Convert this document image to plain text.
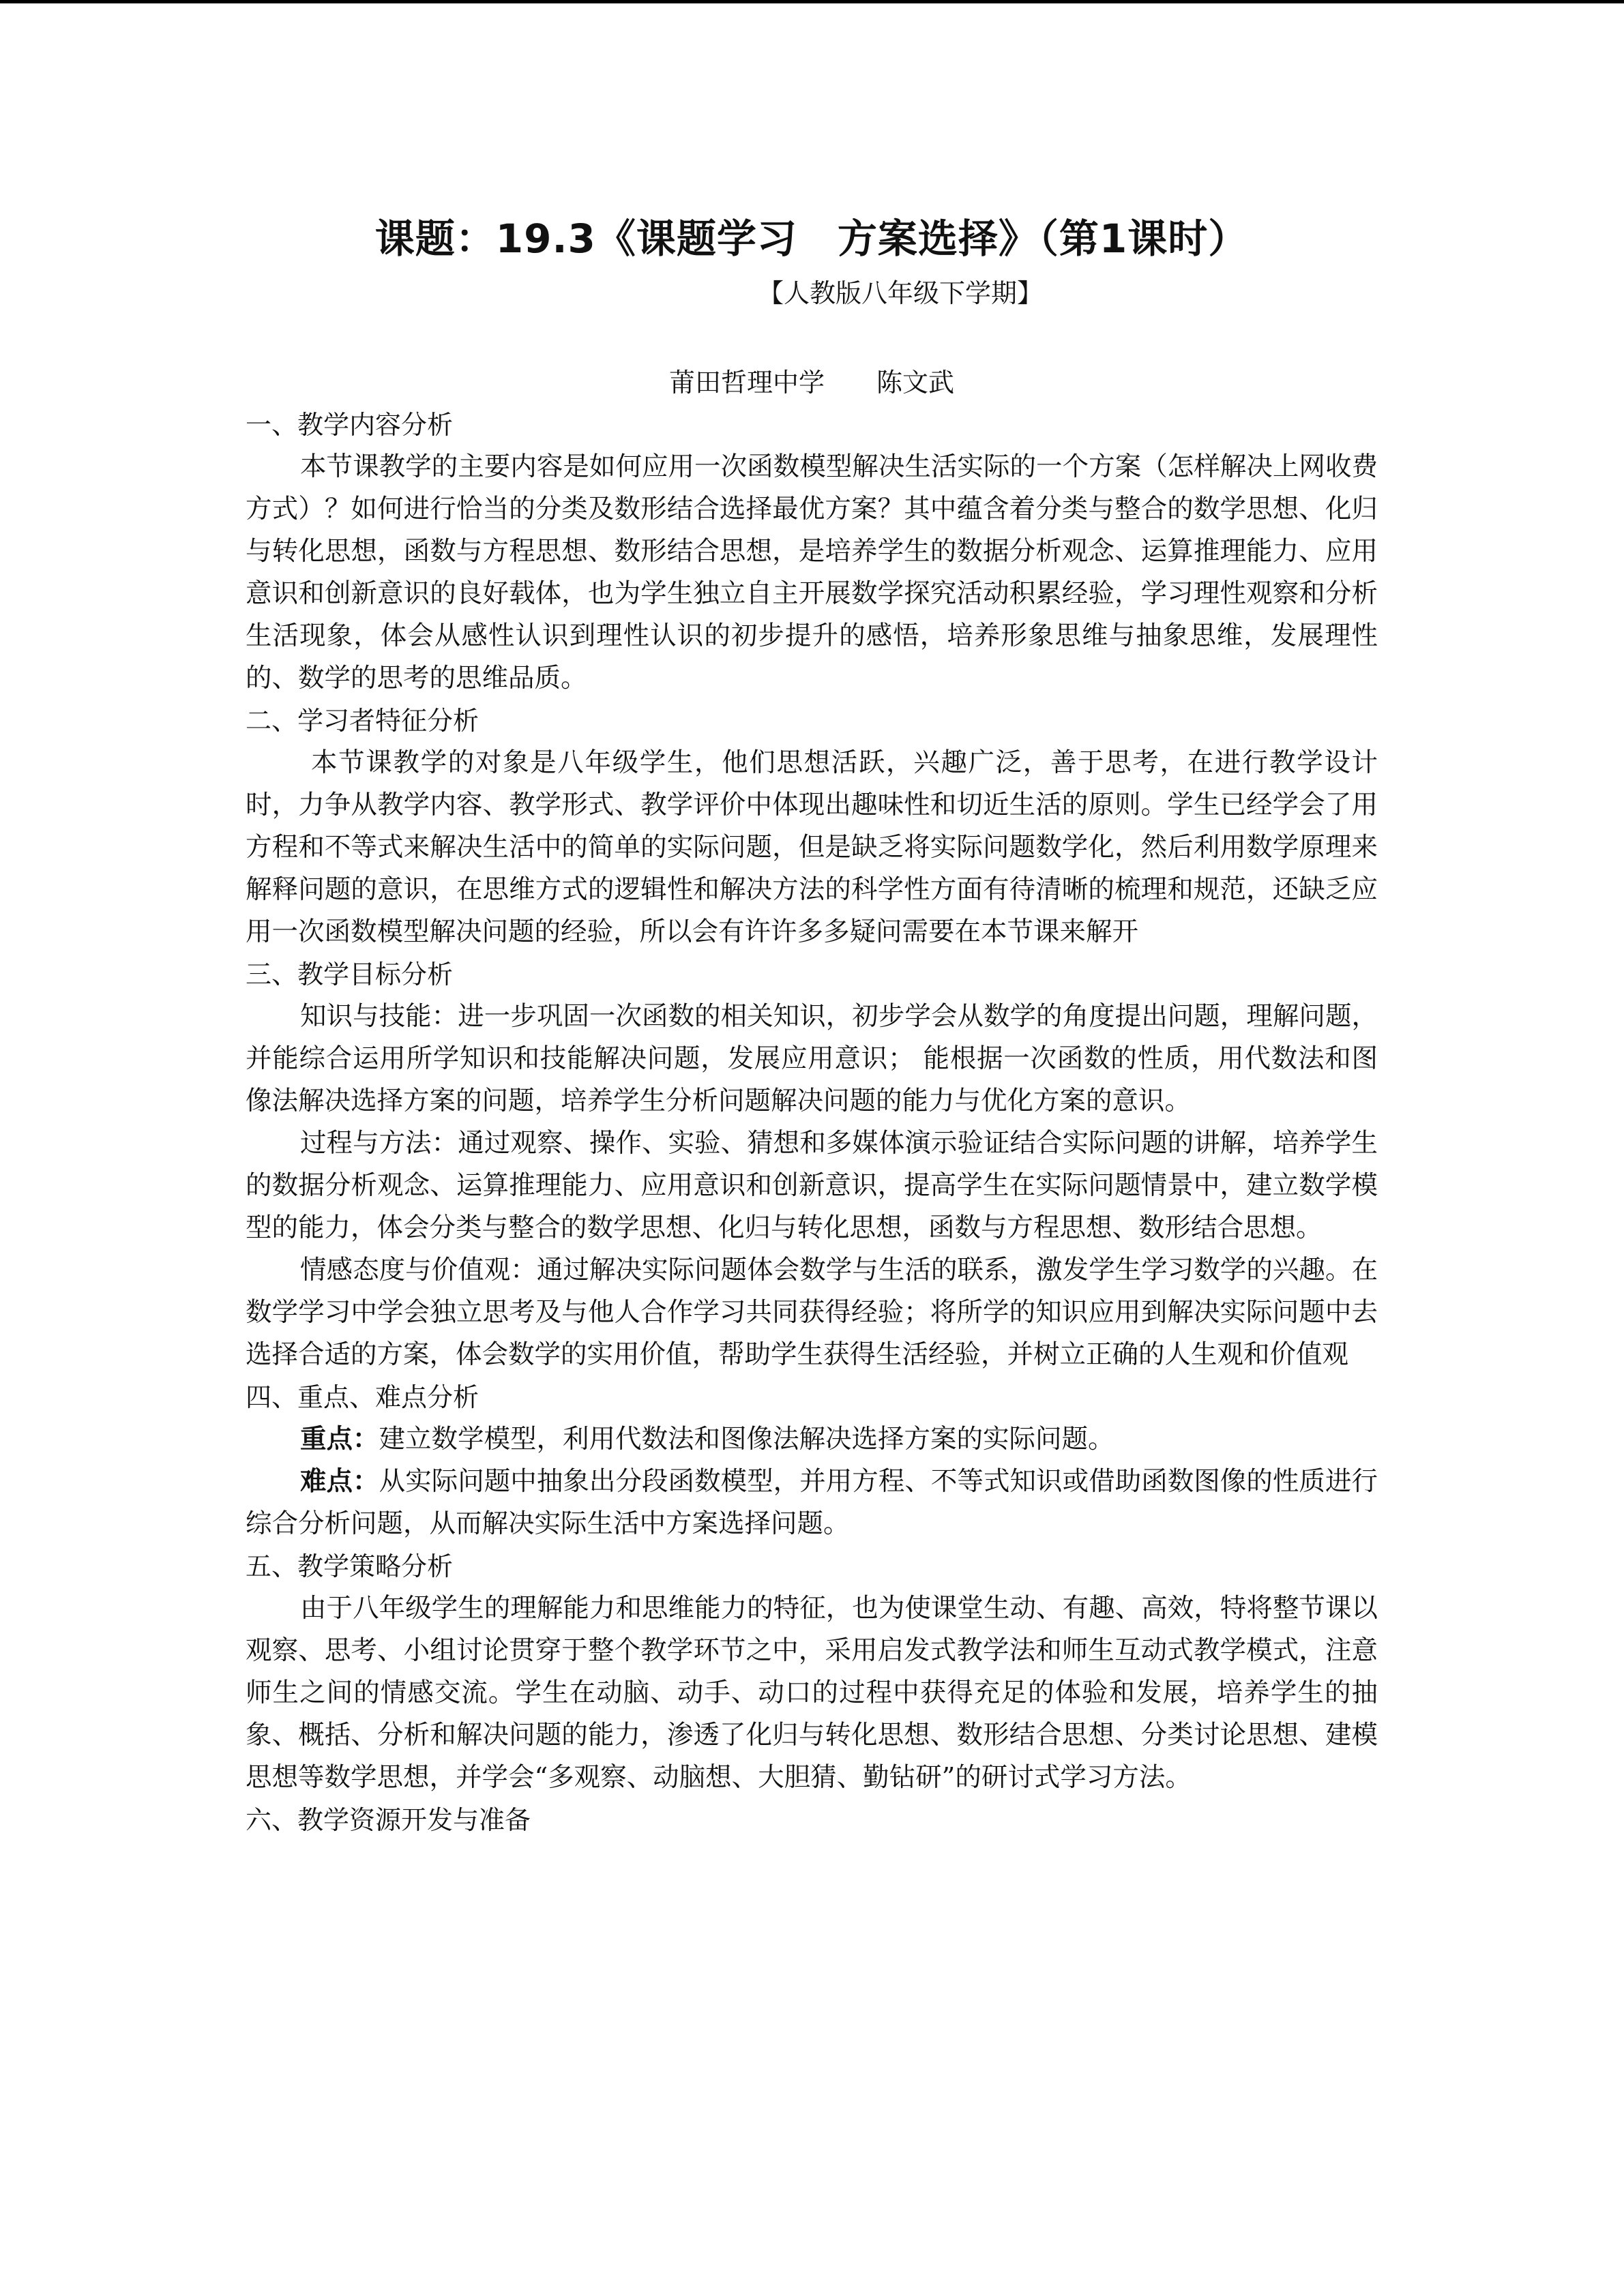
课题：19.3《课题学习　方案选择》（第1课时）
【人教版八年级下学期】
莆田哲理中学　　陈文武
一、教学内容分析

本节课教学的主要内容是如何应用一次函数模型解决生活实际的一个方案（怎样解决上网收费方式）？如何进行恰当的分类及数形结合选择最优方案？其中蕴含着分类与整合的数学思想、化归与转化思想，函数与方程思想、数形结合思想，是培养学生的数据分析观念、运算推理能力、应用意识和创新意识的良好载体，也为学生独立自主开展数学探究活动积累经验，学习理性观察和分析生活现象，体会从感性认识到理性认识的初步提升的感悟，培养形象思维与抽象思维，发展理性的、数学的思考的思维品质。

二、学习者特征分析

本节课教学的对象是八年级学生，他们思想活跃，兴趣广泛，善于思考，在进行教学设计时，力争从教学内容、教学形式、教学评价中体现出趣味性和切近生活的原则。学生已经学会了用方程和不等式来解决生活中的简单的实际问题，但是缺乏将实际问题数学化，然后利用数学原理来解释问题的意识，在思维方式的逻辑性和解决方法的科学性方面有待清晰的梳理和规范，还缺乏应用一次函数模型解决问题的经验，所以会有许许多多疑问需要在本节课来解开

三、教学目标分析

知识与技能：进一步巩固一次函数的相关知识，初步学会从数学的角度提出问题，理解问题，并能综合运用所学知识和技能解决问题，发展应用意识； 能根据一次函数的性质，用代数法和图像法解决选择方案的问题，培养学生分析问题解决问题的能力与优化方案的意识。

过程与方法：通过观察、操作、实验、猜想和多媒体演示验证结合实际问题的讲解，培养学生的数据分析观念、运算推理能力、应用意识和创新意识，提高学生在实际问题情景中，建立数学模型的能力，体会分类与整合的数学思想、化归与转化思想，函数与方程思想、数形结合思想。

情感态度与价值观：通过解决实际问题体会数学与生活的联系，激发学生学习数学的兴趣。在数学学习中学会独立思考及与他人合作学习共同获得经验；将所学的知识应用到解决实际问题中去选择合适的方案，体会数学的实用价值，帮助学生获得生活经验，并树立正确的人生观和价值观

四、重点、难点分析

重点：建立数学模型，利用代数法和图像法解决选择方案的实际问题。

难点：从实际问题中抽象出分段函数模型，并用方程、不等式知识或借助函数图像的性质进行综合分析问题，从而解决实际生活中方案选择问题。

五、教学策略分析

由于八年级学生的理解能力和思维能力的特征，也为使课堂生动、有趣、高效，特将整节课以观察、思考、小组讨论贯穿于整个教学环节之中，采用启发式教学法和师生互动式教学模式，注意师生之间的情感交流。学生在动脑、动手、动口的过程中获得充足的体验和发展，培养学生的抽象、概括、分析和解决问题的能力，渗透了化归与转化思想、数形结合思想、分类讨论思想、建模思想等数学思想，并学会“多观察、动脑想、大胆猜、勤钻研”的研讨式学习方法。

六、教学资源开发与准备
